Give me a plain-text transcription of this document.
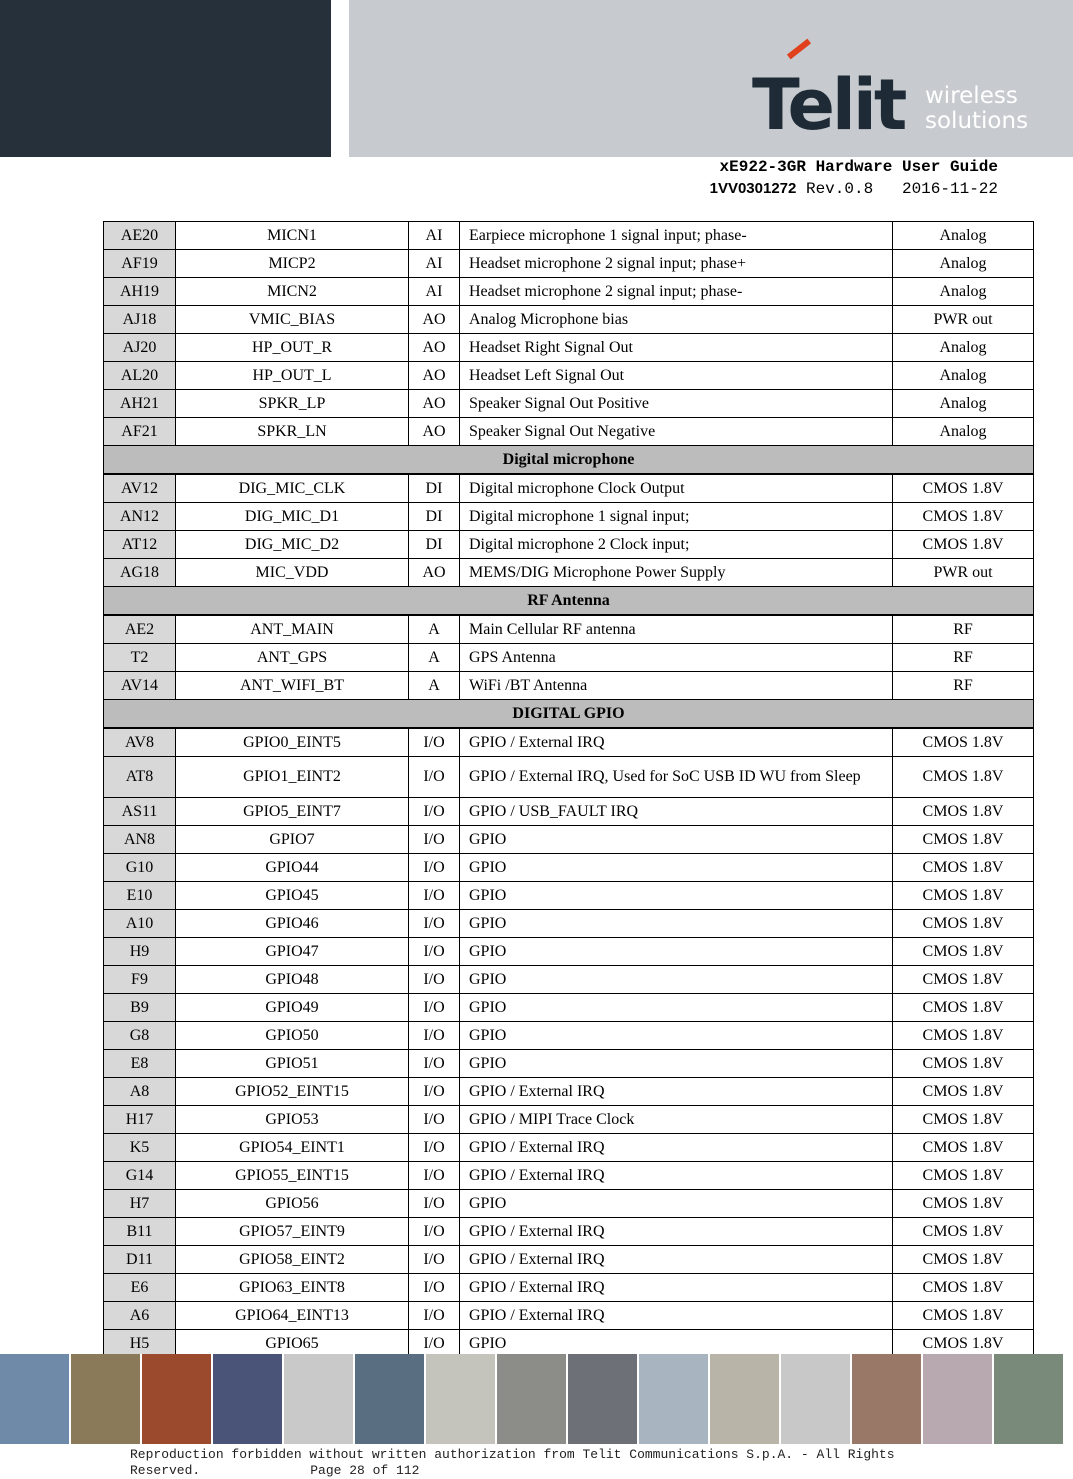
Telit wireless
solutions
xE922-3GR Hardware User Guide
1VV0301272 Rev.0.8   2016-11-22
AE20	MICN1	AI	Earpiece microphone 1 signal input; phase-	Analog
AF19	MICP2	AI	Headset microphone 2 signal input; phase+	Analog
AH19	MICN2	AI	Headset microphone 2 signal input; phase-	Analog
AJ18	VMIC_BIAS	AO	Analog Microphone bias	PWR out
AJ20	HP_OUT_R	AO	Headset Right Signal Out	Analog
AL20	HP_OUT_L	AO	Headset Left Signal Out	Analog
AH21	SPKR_LP	AO	Speaker Signal Out Positive	Analog
AF21	SPKR_LN	AO	Speaker Signal Out Negative	Analog
Digital microphone				
AV12	DIG_MIC_CLK	DI	Digital microphone Clock Output	CMOS 1.8V
AN12	DIG_MIC_D1	DI	Digital microphone 1 signal input;	CMOS 1.8V
AT12	DIG_MIC_D2	DI	Digital microphone 2 Clock input;	CMOS 1.8V
AG18	MIC_VDD	AO	MEMS/DIG Microphone Power Supply	PWR out
RF Antenna				
AE2	ANT_MAIN	A	Main Cellular RF antenna	RF
T2	ANT_GPS	A	GPS Antenna	RF
AV14	ANT_WIFI_BT	A	WiFi /BT Antenna	RF
DIGITAL GPIO				
AV8	GPIO0_EINT5	I/O	GPIO / External IRQ	CMOS 1.8V
AT8	GPIO1_EINT2	I/O	GPIO / External IRQ, Used for SoC USB ID WU from Sleep	CMOS 1.8V
AS11	GPIO5_EINT7	I/O	GPIO / USB_FAULT IRQ	CMOS 1.8V
AN8	GPIO7	I/O	GPIO	CMOS 1.8V
G10	GPIO44	I/O	GPIO	CMOS 1.8V
E10	GPIO45	I/O	GPIO	CMOS 1.8V
A10	GPIO46	I/O	GPIO	CMOS 1.8V
H9	GPIO47	I/O	GPIO	CMOS 1.8V
F9	GPIO48	I/O	GPIO	CMOS 1.8V
B9	GPIO49	I/O	GPIO	CMOS 1.8V
G8	GPIO50	I/O	GPIO	CMOS 1.8V
E8	GPIO51	I/O	GPIO	CMOS 1.8V
A8	GPIO52_EINT15	I/O	GPIO / External IRQ	CMOS 1.8V
H17	GPIO53	I/O	GPIO / MIPI Trace Clock	CMOS 1.8V
K5	GPIO54_EINT1	I/O	GPIO / External IRQ	CMOS 1.8V
G14	GPIO55_EINT15	I/O	GPIO / External IRQ	CMOS 1.8V
H7	GPIO56	I/O	GPIO	CMOS 1.8V
B11	GPIO57_EINT9	I/O	GPIO / External IRQ	CMOS 1.8V
D11	GPIO58_EINT2	I/O	GPIO / External IRQ	CMOS 1.8V
E6	GPIO63_EINT8	I/O	GPIO / External IRQ	CMOS 1.8V
A6	GPIO64_EINT13	I/O	GPIO / External IRQ	CMOS 1.8V
H5	GPIO65	I/O	GPIO	CMOS 1.8V
Reproduction forbidden without written authorization from Telit Communications S.p.A. - All Rights
Reserved.	Page 28 of 112
